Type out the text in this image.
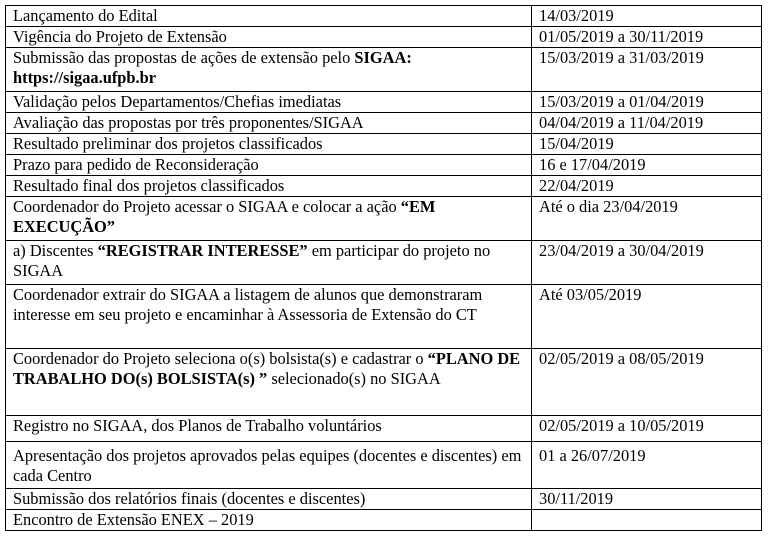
Lançamento do Edital	14/03/2019
Vigência do Projeto de Extensão	01/05/2019 a 30/11/2019
Submissão das propostas de ações de extensão pelo SIGAA: https://sigaa.ufpb.br	15/03/2019 a 31/03/2019
Validação pelos Departamentos/Chefias imediatas	15/03/2019 a 01/04/2019
Avaliação das propostas por três proponentes/SIGAA	04/04/2019 a 11/04/2019
Resultado preliminar dos projetos classificados	15/04/2019
Prazo para pedido de Reconsideração	16 e 17/04/2019
Resultado final dos projetos classificados	22/04/2019
Coordenador do Projeto acessar o SIGAA e colocar a ação “EM EXECUÇÃO”	Até o dia 23/04/2019
a) Discentes “REGISTRAR INTERESSE” em participar do projeto no SIGAA	23/04/2019 a 30/04/2019
Coordenador extrair do SIGAA a listagem de alunos que demonstraram interesse em seu projeto e encaminhar à Assessoria de Extensão do CT	Até 03/05/2019
Coordenador do Projeto seleciona o(s) bolsista(s) e cadastrar o “PLANO DE TRABALHO DO(s) BOLSISTA(s) ” selecionado(s) no SIGAA	02/05/2019 a 08/05/2019
Registro no SIGAA, dos Planos de Trabalho voluntários	02/05/2019 a 10/05/2019
Apresentação dos projetos aprovados pelas equipes (docentes e discentes) em cada Centro	01 a 26/07/2019
Submissão dos relatórios finais (docentes e discentes)	30/11/2019
Encontro de Extensão ENEX – 2019	
